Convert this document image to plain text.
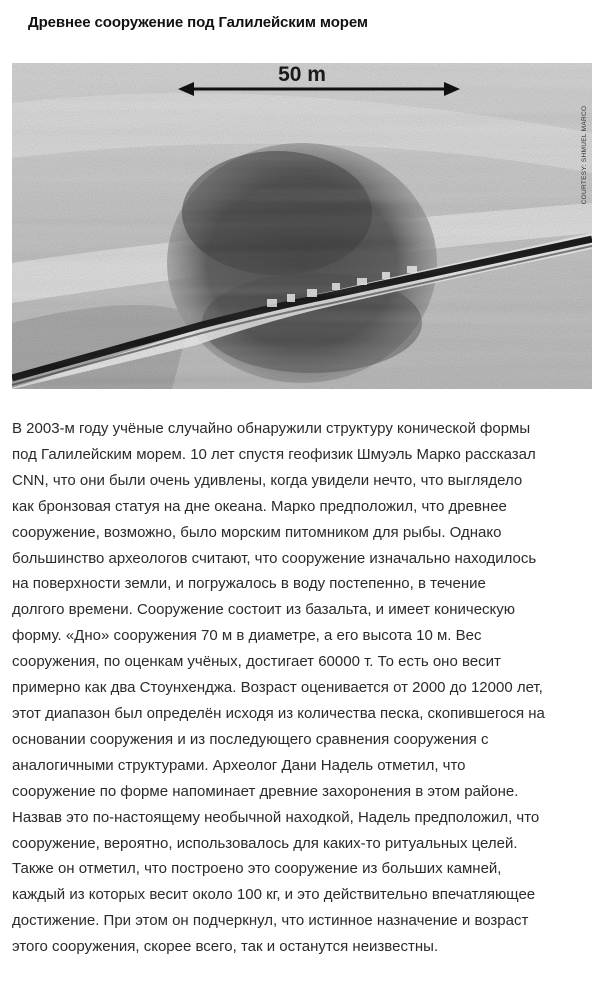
Древнее сооружение под Галилейским морем
50 m
COURTESY: SHMUEL MARCO
В 2003-м году учёные случайно обнаружили структуру конической формы
под Галилейским морем. 10 лет спустя геофизик Шмуэль Марко рассказал
CNN, что они были очень удивлены, когда увидели нечто, что выглядело
как бронзовая статуя на дне океана. Марко предположил, что древнее
сооружение, возможно, было морским питомником для рыбы. Однако
большинство археологов считают, что сооружение изначально находилось
на поверхности земли, и погружалось в воду постепенно, в течение
долгого времени. Сооружение состоит из базальта, и имеет коническую
форму. «Дно» сооружения 70 м в диаметре, а его высота 10 м. Вес
сооружения, по оценкам учёных, достигает 60000 т. То есть оно весит
примерно как два Стоунхенджа. Возраст оценивается от 2000 до 12000 лет,
этот диапазон был определён исходя из количества песка, скопившегося на
основании сооружения и из последующего сравнения сооружения с
аналогичными структурами. Археолог Дани Надель отметил, что
сооружение по форме напоминает древние захоронения в этом районе.
Назвав это по-настоящему необычной находкой, Надель предположил, что
сооружение, вероятно, использовалось для каких-то ритуальных целей.
Также он отметил, что построено это сооружение из больших камней,
каждый из которых весит около 100 кг, и это действительно впечатляющее
достижение. При этом он подчеркнул, что истинное назначение и возраст
этого сооружения, скорее всего, так и останутся неизвестны.
